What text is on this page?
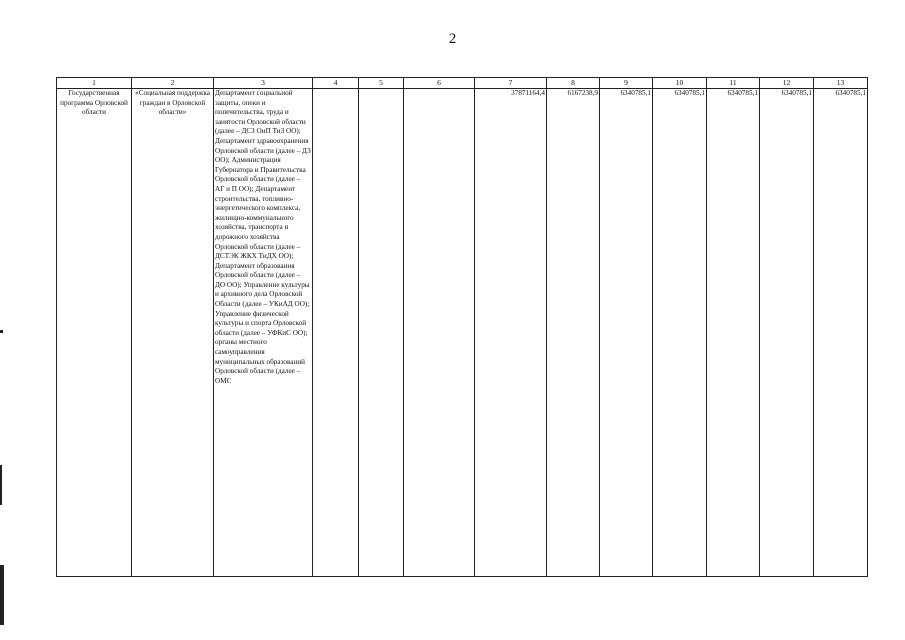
2
1	2	3	4	5	6	7	8	9	10	11	12	13
Государственная программа Орловской области	«Социальная поддержка граждан в Орловской области»	Департамент социальной защиты, опеки и попечительства, труда и занятости Орловской области (далее – ДСЗ ОиП ТиЗ ОО); Департамент здравоохранения Орловской области (далее – ДЗ ОО); Администрация Губернатора и Правительства Орловской области (далее – АГ и П ОО); Департамент строительства, топливно-энергетического комплекса, жилищно-коммунального хозяйства, транспорта и дорожного хозяйства Орловской области (далее – ДСТЭК ЖКХ ТиДХ ОО); Департамент образования Орловской области (далее – ДО ОО); Управление культуры и архивного дела Орловской Области (далее – УКиАД ОО); Управление физической культуры и спорта Орловской области (далее – УФКиС ОО); органы местного самоуправления муниципальных образований Орловской области (далее – ОМС				37871164,4	6167238,9	6340785,1	6340785,1	6340785,1	6340785,1	6340785,1
